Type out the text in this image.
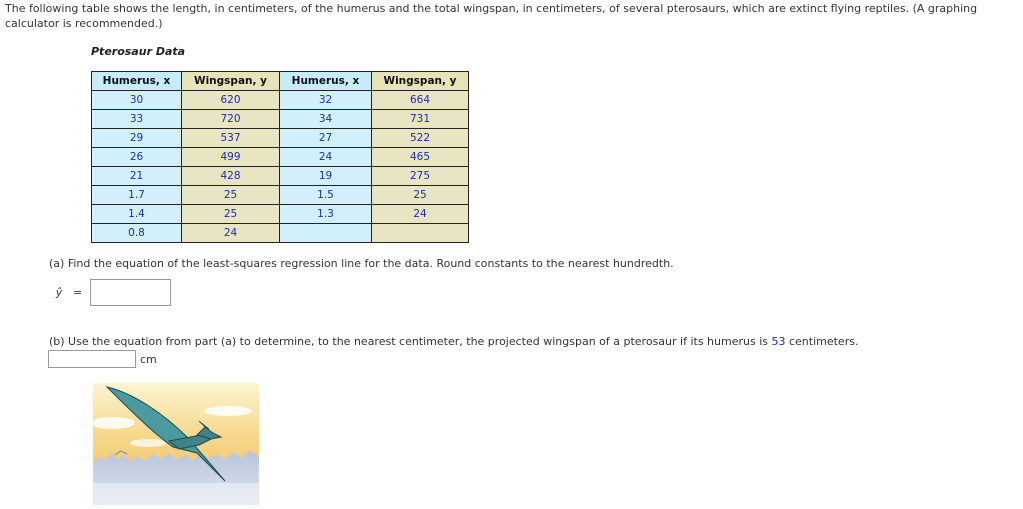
The following table shows the length, in centimeters, of the humerus and the total wingspan, in centimeters, of several pterosaurs, which are extinct flying reptiles. (A graphing calculator is recommended.)
Pterosaur Data
Humerus, x	Wingspan, y	Humerus, x	Wingspan, y
30	620	32	664
33	720	34	731
29	537	27	522
26	499	24	465
21	428	19	275
1.7	25	1.5	25
1.4	25	1.3	24
0.8	24		
(a) Find the equation of the least-squares regression line for the data. Round constants to the nearest hundredth.
ŷ =
(b) Use the equation from part (a) to determine, to the nearest centimeter, the projected wingspan of a pterosaur if its humerus is 53 centimeters.
cm
